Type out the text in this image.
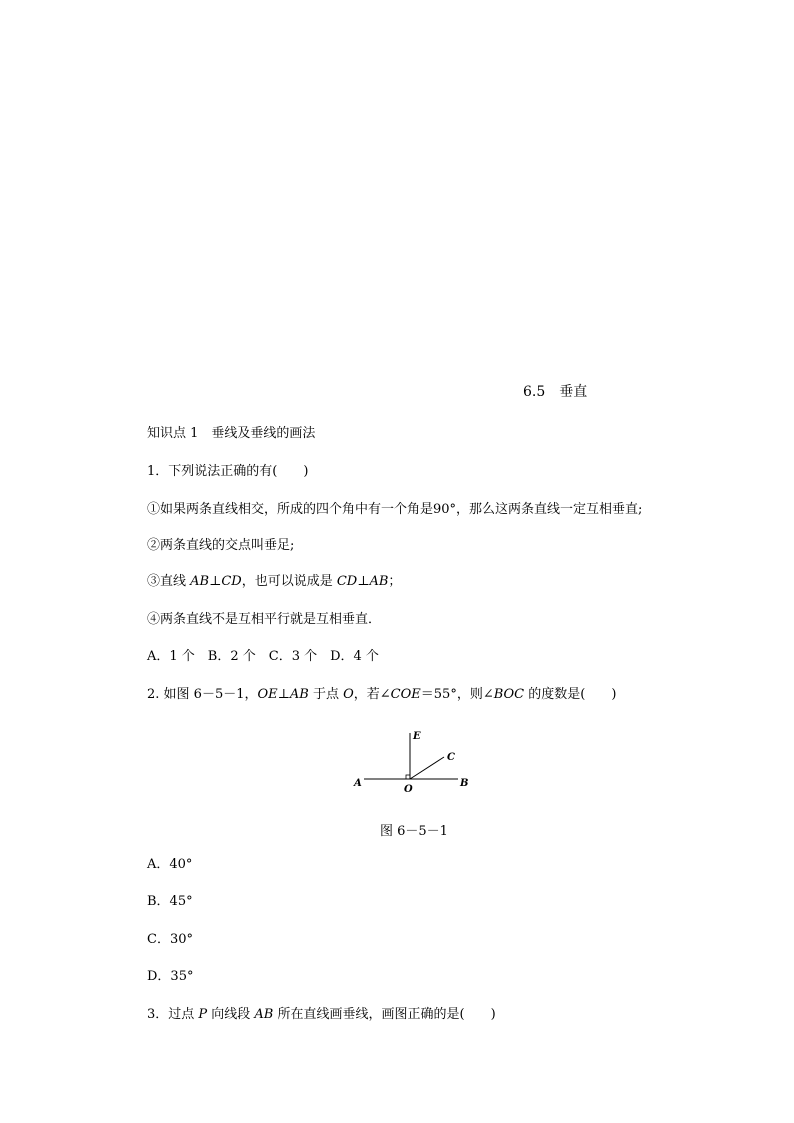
6.5　垂直
知识点 1　垂线及垂线的画法
1．下列说法正确的有(　　)
①如果两条直线相交，所成的四个角中有一个角是90°，那么这两条直线一定互相垂直;
②两条直线的交点叫垂足;
③直线 AB⊥CD，也可以说成是 CD⊥AB；
④两条直线不是互相平行就是互相垂直．
A．1 个　B．2 个　C．3 个　D．4 个
2. 如图 6－5－1，OE⊥AB 于点 O，若∠COE＝55°，则∠BOC 的度数是(　　)
A
O
B
E
C
图 6－5－1
A．40°
B．45°
C．30°
D．35°
3．过点 P 向线段 AB 所在直线画垂线，画图正确的是(　　)
